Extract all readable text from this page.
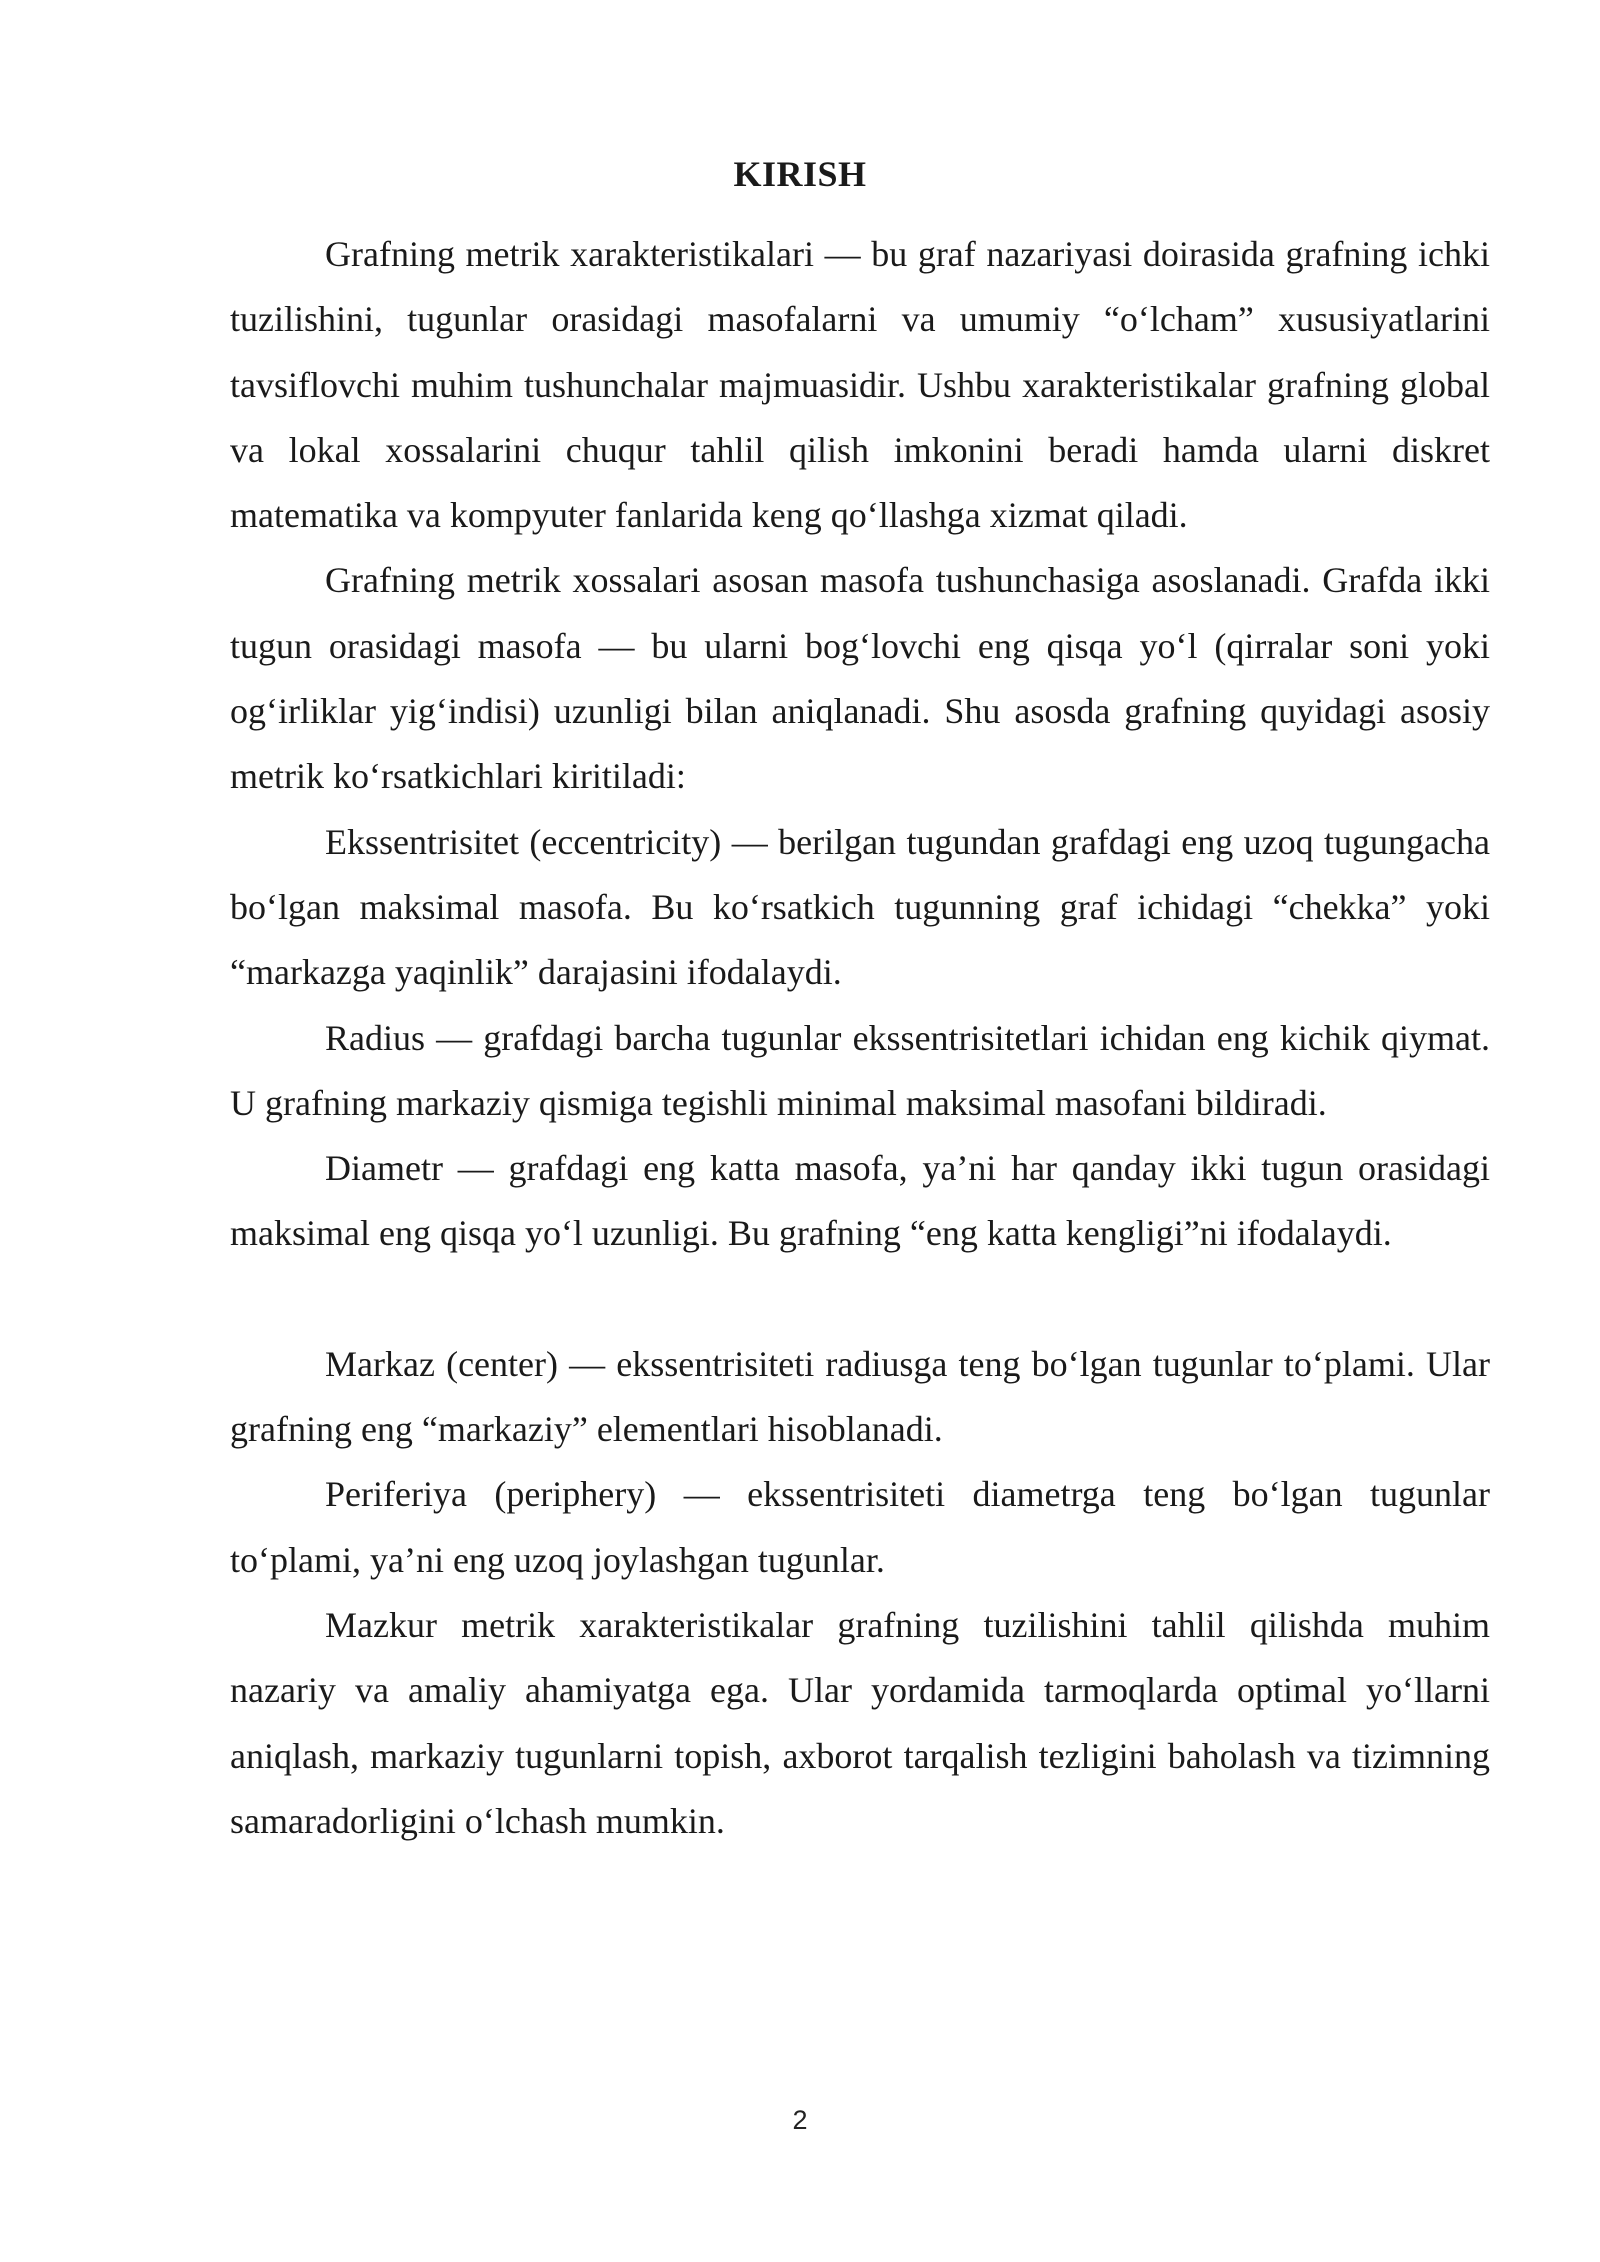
KIRISH

Grafning metrik xarakteristikalari — bu graf nazariyasi doirasida grafning ichki tuzilishini, tugunlar orasidagi masofalarni va umumiy “o‘lcham” xususiyatlarini tavsiflovchi muhim tushunchalar majmuasidir. Ushbu xarakteristikalar grafning global va lokal xossalarini chuqur tahlil qilish imkonini beradi hamda ularni diskret matematika va kompyuter fanlarida keng qo‘llashga xizmat qiladi.

Grafning metrik xossalari asosan masofa tushunchasiga asoslanadi. Grafda ikki tugun orasidagi masofa — bu ularni bog‘lovchi eng qisqa yo‘l (qirralar soni yoki og‘irliklar yig‘indisi) uzunligi bilan aniqlanadi. Shu asosda grafning quyidagi asosiy metrik ko‘rsatkichlari kiritiladi:

Ekssentrisitet (eccentricity) — berilgan tugundan grafdagi eng uzoq tugungacha bo‘lgan maksimal masofa. Bu ko‘rsatkich tugunning graf ichidagi “chekka” yoki “markazga yaqinlik” darajasini ifodalaydi.

Radius — grafdagi barcha tugunlar ekssentrisitetlari ichidan eng kichik qiymat. U grafning markaziy qismiga tegishli minimal maksimal masofani bildiradi.

Diametr — grafdagi eng katta masofa, ya’ni har qanday ikki tugun orasidagi maksimal eng qisqa yo‘l uzunligi. Bu grafning “eng katta kengligi”ni ifodalaydi.

Markaz (center) — ekssentrisiteti radiusga teng bo‘lgan tugunlar to‘plami. Ular grafning eng “markaziy” elementlari hisoblanadi.

Periferiya (periphery) — ekssentrisiteti diametrga teng bo‘lgan tugunlar to‘plami, ya’ni eng uzoq joylashgan tugunlar.

Mazkur metrik xarakteristikalar grafning tuzilishini tahlil qilishda muhim nazariy va amaliy ahamiyatga ega. Ular yordamida tarmoqlarda optimal yo‘llarni aniqlash, markaziy tugunlarni topish, axborot tarqalish tezligini baholash va tizimning samaradorligini o‘lchash mumkin.

2
